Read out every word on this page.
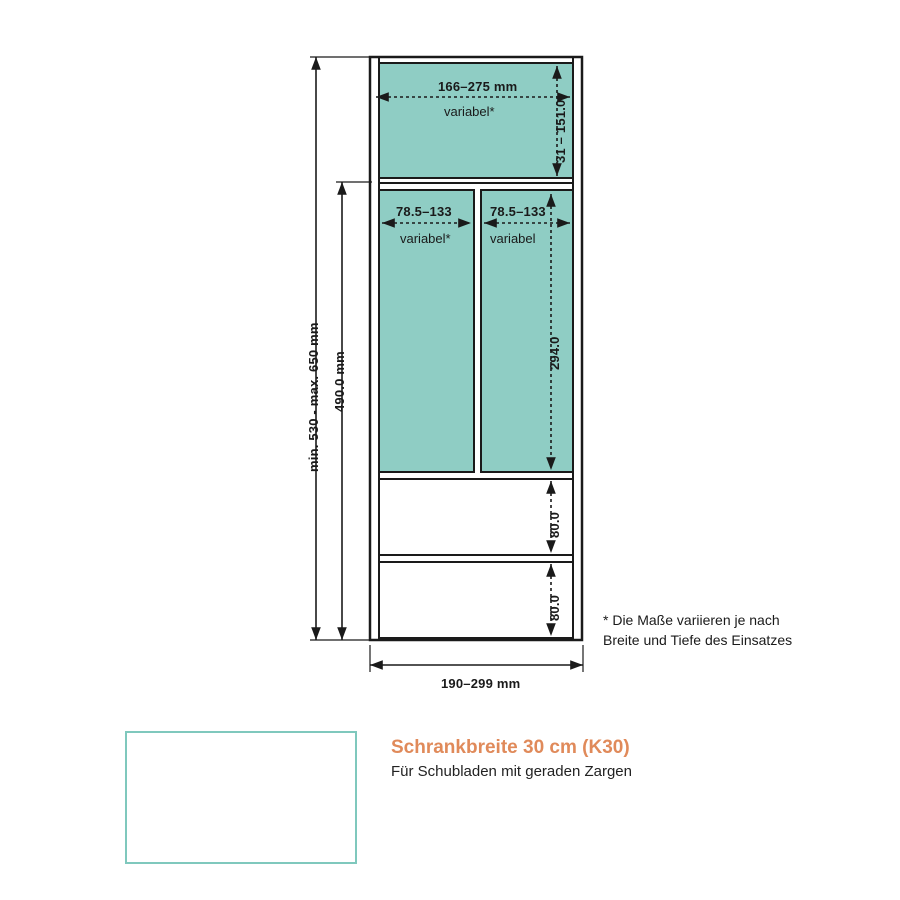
166–275 mm
variabel*	31 – 151.0
78.5–133
variabel*
78.5–133
variabel
294.0
80.0
80.0
min. 530 - max. 650 mm 490.0 mm
190–299 mm
* Die Maße variieren je nach
Breite und Tiefe des Einsatzes
Schrankbreite 30 cm (K30)
Für Schubladen mit geraden Zargen
